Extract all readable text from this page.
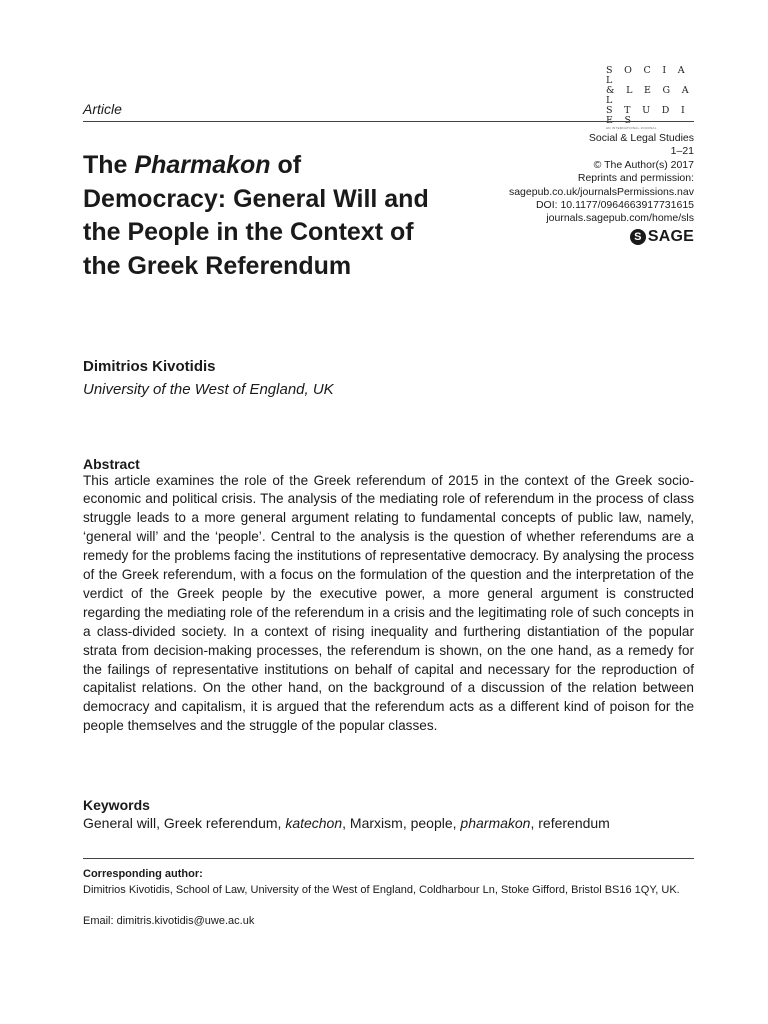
S O C I A L
& L E G A L
S T U D I
AN INTERNATIONAL JOURNAL
Article
Social & Legal Studies
1–21
© The Author(s) 2017
Reprints and permission:
sagepub.co.uk/journalsPermissions.nav
DOI: 10.1177/0964663917731615
journals.sagepub.com/home/sls
S SAGE
The Pharmakon of Democracy: General Will and the People in the Context of the Greek Referendum

Dimitrios Kivotidis

University of the West of England, UK

Abstract

This article examines the role of the Greek referendum of 2015 in the context of the Greek socio-economic and political crisis. The analysis of the mediating role of referendum in the process of class struggle leads to a more general argument relating to fundamental concepts of public law, namely, ‘general will’ and the ‘people’. Central to the analysis is the question of whether referendums are a remedy for the problems facing the institutions of representative democracy. By analysing the process of the Greek referendum, with a focus on the formulation of the question and the interpretation of the verdict of the Greek people by the executive power, a more general argument is constructed regarding the mediating role of the referendum in a crisis and the legitimating role of such concepts in a class-divided society. In a context of rising inequality and furthering distantiation of the popular strata from decision-making processes, the referendum is shown, on the one hand, as a remedy for the failings of representative institutions on behalf of capital and necessary for the reproduction of capitalist relations. On the other hand, on the background of a discussion of the relation between democracy and capitalism, it is argued that the referendum acts as a different kind of poison for the people themselves and the struggle of the popular classes.

Keywords

General will, Greek referendum, katechon, Marxism, people, pharmakon, referendum

Corresponding author:

Dimitrios Kivotidis, School of Law, University of the West of England, Coldharbour Ln, Stoke Gifford, Bristol BS16 1QY, UK.

Email: dimitris.kivotidis@uwe.ac.uk
